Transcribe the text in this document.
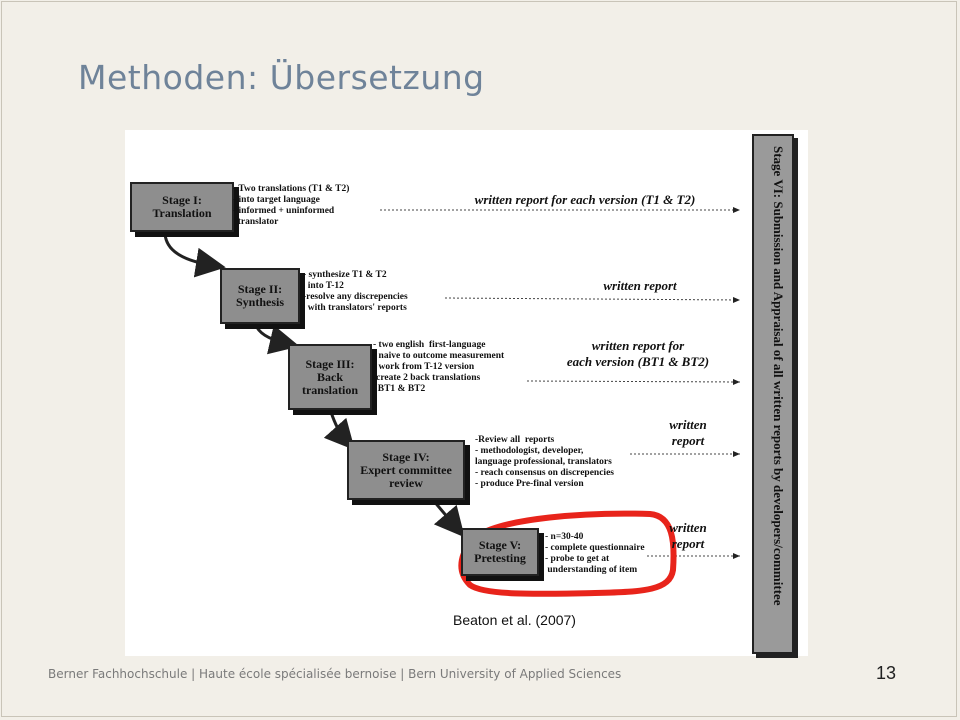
Methoden: Übersetzung
Stage I:
Translation
- Two translations (T1 & T2)
- into target language
- informed + uninformed
translator
written report for each version (T1 & T2)
Stage II:
Synthesis
- synthesize T1 & T2
into T-12
-resolve any discrepencies
with translators' reports
written report
Stage III:
Back
translation
- two english  first-language
- naive to outcome measurement
- work from T-12 version
-create 2 back translations
BT1 & BT2
written report for
each version (BT1 & BT2)
Stage IV:
Expert committee
review
-Review all  reports
- methodologist, developer,
language professional, translators
- reach consensus on discrepencies
- produce Pre-final version
written
report
Stage V:
Pretesting
- n=30-40
- complete questionnaire
- probe to get at
understanding of item
written
report	Stage VI: Submission and Appraisal of all written reports by developers/committee
Beaton et al. (2007)
Berner Fachhochschule | Haute école spécialisée bernoise | Bern University of Applied Sciences	13
